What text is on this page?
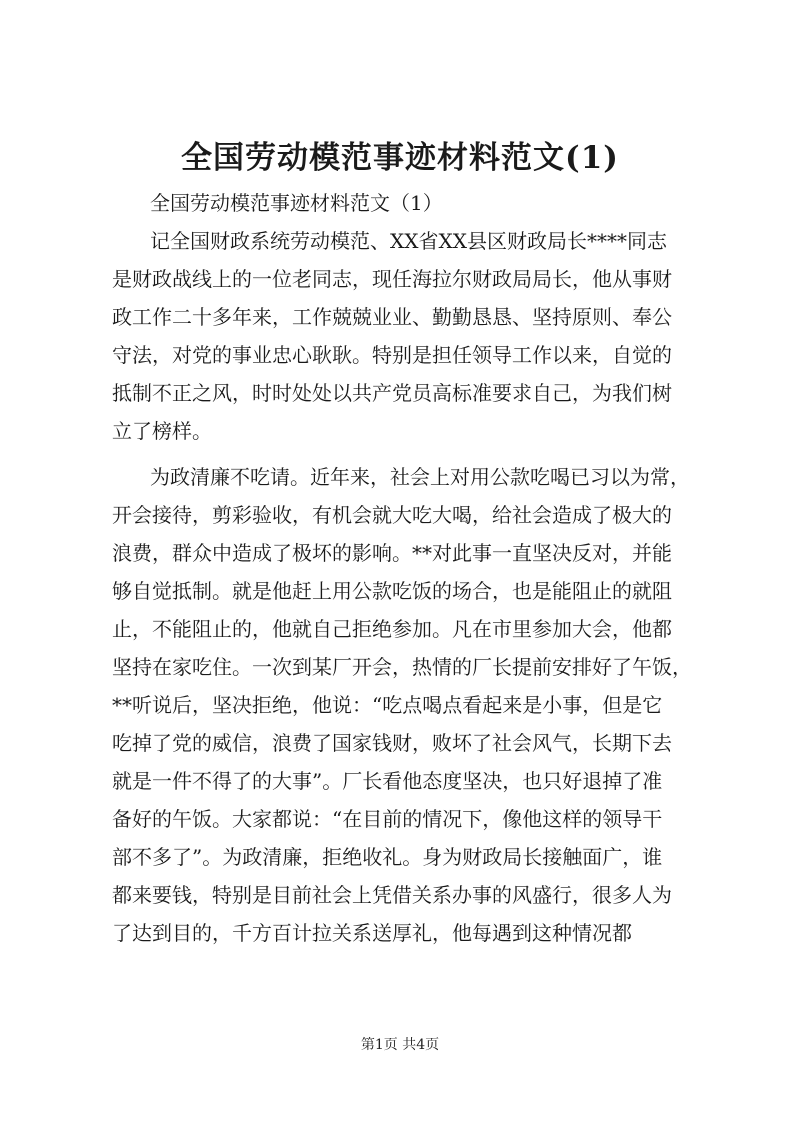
全国劳动模范事迹材料范文(1)
全国劳动模范事迹材料范文（1）
记全国财政系统劳动模范、XX省XX县区财政局长****同志
是财政战线上的一位老同志，现任海拉尔财政局局长，他从事财
政工作二十多年来，工作兢兢业业、勤勤恳恳、坚持原则、奉公
守法，对党的事业忠心耿耿。特别是担任领导工作以来，自觉的
抵制不正之风，时时处处以共产党员高标准要求自己，为我们树
立了榜样。
为政清廉不吃请。近年来，社会上对用公款吃喝已习以为常，
开会接待，剪彩验收，有机会就大吃大喝，给社会造成了极大的
浪费，群众中造成了极坏的影响。**对此事一直坚决反对，并能
够自觉抵制。就是他赶上用公款吃饭的场合，也是能阻止的就阻
止，不能阻止的，他就自己拒绝参加。凡在市里参加大会，他都
坚持在家吃住。一次到某厂开会，热情的厂长提前安排好了午饭，
**听说后，坚决拒绝，他说：“吃点喝点看起来是小事，但是它
吃掉了党的威信，浪费了国家钱财，败坏了社会风气，长期下去
就是一件不得了的大事”。厂长看他态度坚决，也只好退掉了准
备好的午饭。大家都说：“在目前的情况下，像他这样的领导干
部不多了”。为政清廉，拒绝收礼。身为财政局长接触面广，谁
都来要钱，特别是目前社会上凭借关系办事的风盛行，很多人为
了达到目的，千方百计拉关系送厚礼，他每遇到这种情况都
第1页 共4页
